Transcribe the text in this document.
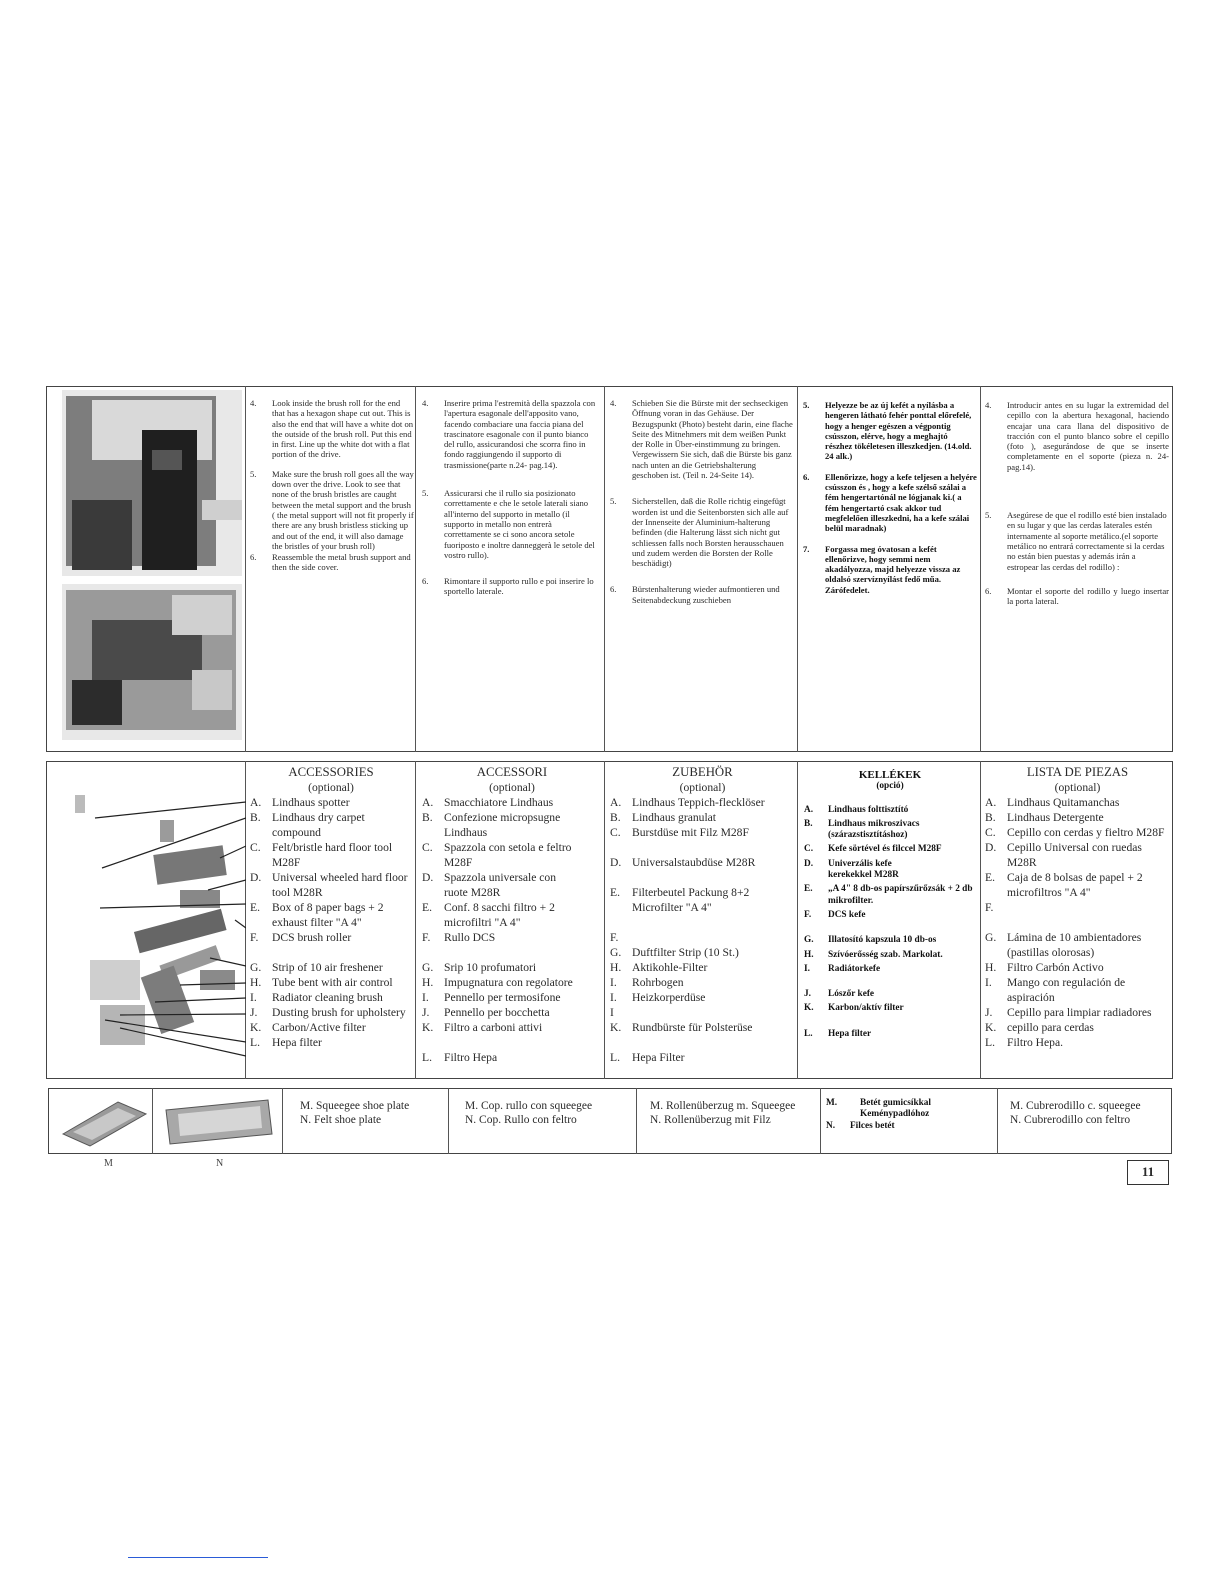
4.	Look inside the brush roll for the end that has a hexagon shape cut out. This is also the end that will have a white dot on the outside of the brush roll. Put this end in first. Line up the white dot with a flat portion of the drive.
5.	Make sure the brush roll goes all the way down over the drive. Look to see that none of the brush bristles are caught between the metal support and the brush ( the metal support will not fit properly if there are any brush bristless sticking up and out of the end, it will also damage the bristles of your brush roll)
6.	Reassemble the metal brush support and then the side cover.
4.	Inserire prima l'estremità della spazzola con l'apertura esagonale dell'apposito vano, facendo combaciare una faccia piana del trascinatore esagonale con il punto bianco del rullo, assicurandosi che scorra fino in fondo raggiungendo il supporto di trasmissione(parte n.24- pag.14).
5.	Assicurarsi che il rullo sia posizionato correttamente e che le setole laterali siano all'interno del supporto in metallo (il supporto in metallo non entrerà correttamente se ci sono ancora setole fuoriposto e inoltre danneggerà le setole del vostro rullo).
6.	Rimontare il supporto rullo e poi inserire lo sportello laterale.
4.	Schieben Sie die Bürste mit der sechseckigen Öffnung voran in das Gehäuse. Der Bezugspunkt (Photo) besteht darin, eine flache Seite des Mitnehmers mit dem weißen Punkt der Rolle in Über-einstimmung zu bringen. Vergewissern Sie sich, daß die Bürste bis ganz nach unten an die Getriebshalterung geschoben ist. (Teil n. 24-Seite 14).
5.	Sicherstellen, daß die Rolle richtig eingefügt worden ist und die Seitenborsten sich alle auf der Innenseite der Aluminium-halterung befinden (die Halterung lässt sich nicht gut schliessen falls noch Borsten herausschauen und zudem werden die Borsten der Rolle beschädigt)
6.	Bürstenhalterung wieder aufmontieren und Seitenabdeckung zuschieben
5.	Helyezze be az új kefét a nyílásba a hengeren látható fehér ponttal előrefelé, hogy a henger egészen a végpontig csússzon, elérve, hogy a meghajtó részhez tökéletesen illeszkedjen. (14.old. 24 alk.)
6.	Ellenőrizze, hogy a kefe teljesen a helyére csússzon és , hogy a kefe szélső szálai a fém hengertartónál ne lógjanak ki.( a fém hengertartó csak akkor tud megfelelően illeszkedni, ha a kefe szálai belül maradnak)
7.	Forgassa meg óvatosan a kefét ellenőrizve, hogy semmi nem akadályozza, majd helyezze vissza az oldalsó szervíznyílást fedő műa. Zárófedelet.
4.	Introducir antes en su lugar la extremidad del cepillo con la abertura hexagonal, haciendo encajar una cara llana del dispositivo de tracción con el punto blanco sobre el cepillo (foto ), asegurándose de que se inserte completamente en el soporte (pieza n. 24-pag.14).
5.	Asegúrese de que el rodillo esté bien instalado en su lugar y que las cerdas laterales estén internamente al soporte metálico.(el soporte metálico no entrará correctamente si la cerdas no están bien puestas y además irán a estropear las cerdas del rodillo) :
6.	Montar el soporte del rodillo y luego insertar la porta lateral.
ACCESSORIES
(optional)
A. Lindhaus spotter
B. Lindhaus dry carpet compound
C. Felt/bristle hard floor tool M28F
D. Universal wheeled hard floor tool M28R
E.	Box of 8 paper bags + 2 exhaust filter "A 4"
F.	DCS brush roller
G. Strip of 10 air freshener
H. Tube bent with air control
I.	Radiator cleaning brush
J.	Dusting brush for upholstery
K. Carbon/Active filter
L.	Hepa filter
ACCESSORI
(optional)
A. Smacchiatore Lindhaus
B. Confezione micropsugne Lindhaus
C. Spazzola con setola e feltro M28F
D. Spazzola universale con ruote M28R
E.	Conf. 8 sacchi filtro + 2 microfiltri "A 4"
F.	Rullo DCS
G. Srip 10 profumatori
H. Impugnatura con regolatore
I.	Pennello per termosifone
J.	Pennello per bocchetta
K. Filtro a carboni attivi
L.	Filtro Hepa
ZUBEHÖR
(optional)
A. Lindhaus Teppich-flecklöser
B. Lindhaus granulat
C. Burstdüse mit Filz M28F
D. Universalstaubdüse M28R
E.	Filterbeutel Packung 8+2 Microfilter "A 4"
F.
G. Duftfilter Strip (10 St.)
H. Aktikohle-Filter
I.	Rohrbogen
I.	Heizkorperdüse
I
K. Rundbürste für Polsterüse
L.	Hepa Filter
KELLÉKEK
(opció)
A.	Lindhaus folttisztító
B.	Lindhaus mikroszivacs (szárazstisztításhoz)
C.	Kefe sörtével és filccel M28F
D.	Univerzális kefe kerekekkel M28R
E.	„A 4" 8 db-os papírszűrőzsák + 2 db mikrofilter.
F.	DCS kefe
G.	Illatosító kapszula 10 db-os
H.	Szívóerősség szab. Markolat.
I.	Radiátorkefe
J.	Lószőr kefe
K.	Karbon/aktív filter
L.	Hepa filter
LISTA DE PIEZAS
(optional)
A. Lindhaus Quitamanchas
B. Lindhaus Detergente
C. Cepillo con cerdas y fieltro M28F
D. Cepillo Universal con ruedas M28R
E.	Caja de 8 bolsas de papel + 2 microfiltros "A 4"
F.
G. Lámina de 10 ambientadores (pastillas olorosas)
H. Filtro Carbón Activo
I.	Mango con regulación de aspiración
J.	Cepillo para limpiar radiadores
K. cepillo para cerdas
L.	Filtro Hepa.
M. Squeegee shoe plate
N. Felt shoe plate
M. Cop. rullo con squeegee
N. Cop. Rullo con feltro
M. Rollenüberzug m. Squeegee
N. Rollenüberzug mit Filz
M.	Betét gumicsíkkal Keménypadlóhoz
N.	Filces betét
M. Cubrerodillo c. squeegee
N. Cubrerodillo con feltro
M	N
11
